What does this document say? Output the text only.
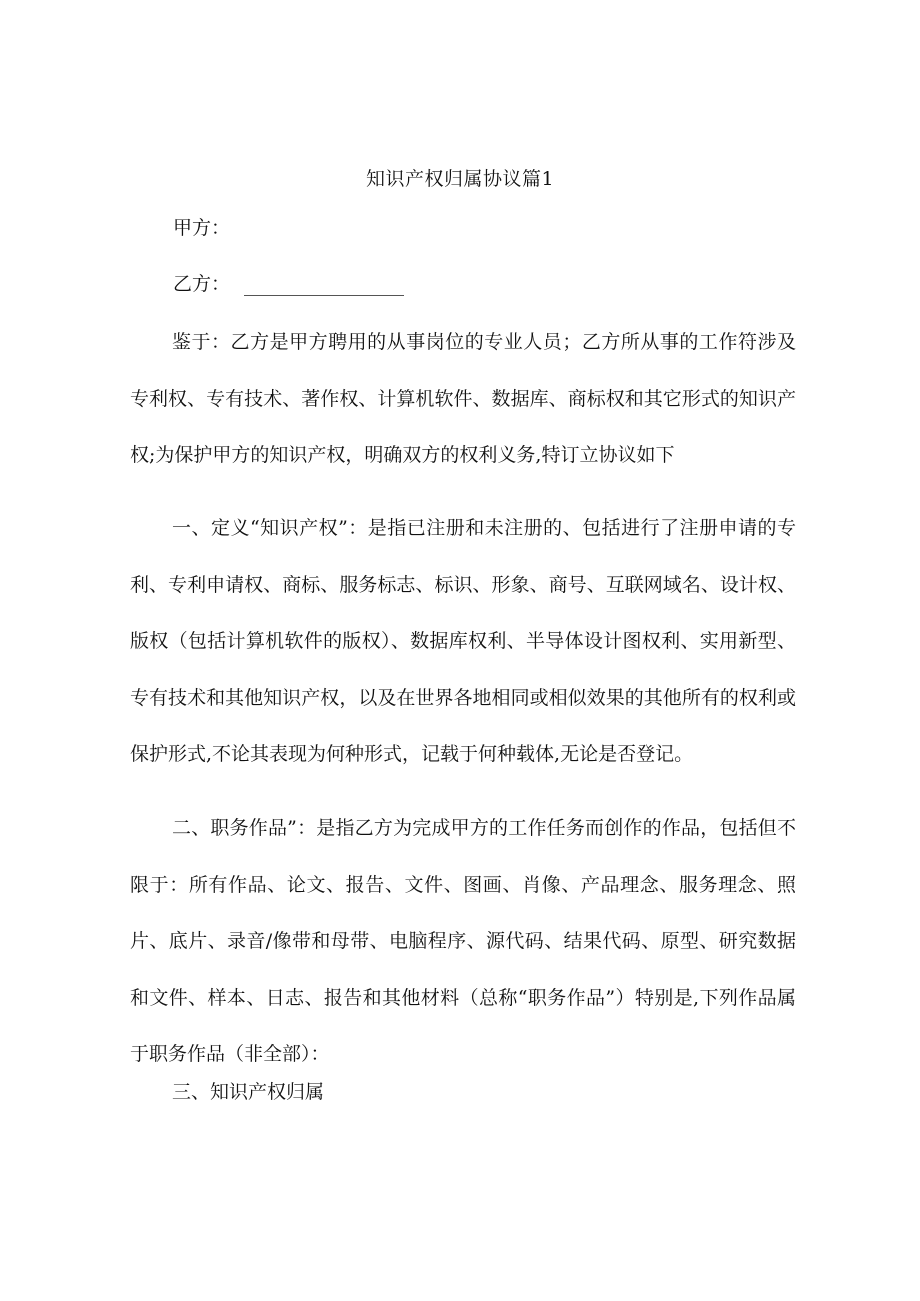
知识产权归属协议篇1
甲方：
乙方：

鉴于：乙方是甲方聘用的从事岗位的专业人员；乙方所从事的工作符涉及专利权、专有技术、著作权、计算机软件、数据库、商标权和其它形式的知识产权;为保护甲方的知识产权，明确双方的权利义务,特订立协议如下

一、定义“知识产权”：是指已注册和未注册的、包括进行了注册申请的专利、专利申请权、商标、服务标志、标识、形象、商号、互联网域名、设计权、版权（包括计算机软件的版权）、数据库权利、半导体设计图权利、实用新型、专有技术和其他知识产权，以及在世界各地相同或相似效果的其他所有的权利或保护形式,不论其表现为何种形式，记载于何种载体,无论是否登记。

二、职务作品”：是指乙方为完成甲方的工作任务而创作的作品，包括但不限于：所有作品、论文、报告、文件、图画、肖像、产品理念、服务理念、照片、底片、录音/像带和母带、电脑程序、源代码、结果代码、原型、研究数据和文件、样本、日志、报告和其他材料（总称“职务作品”）特别是,下列作品属于职务作品（非全部）：

三、知识产权归属
